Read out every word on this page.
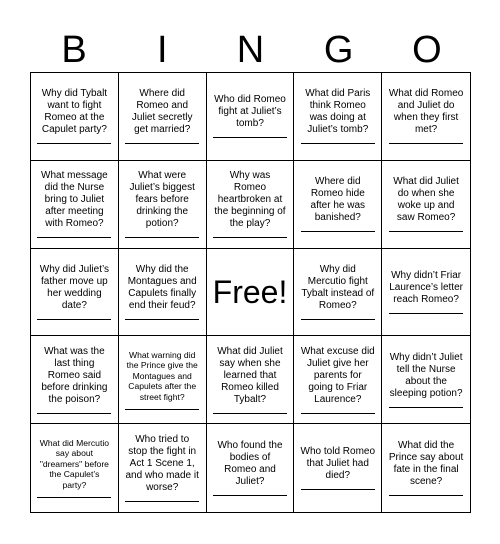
B	I	N	G	O
Why did Tybalt want to fight Romeo at the Capulet party?
Where did Romeo and Juliet secretly get married?
Who did Romeo fight at Juliet’s tomb?
What did Paris think Romeo was doing at Juliet’s tomb?
What did Romeo and Juliet do when they first met?
What message did the Nurse bring to Juliet after meeting with Romeo?
What were Juliet’s biggest fears before drinking the potion?
Why was Romeo heartbroken at the beginning of the play?
Where did Romeo hide after he was banished?
What did Juliet do when she woke up and saw Romeo?
Why did Juliet’s father move up her wedding date?
Why did the Montagues and Capulets finally end their feud? Free!
Why did Mercutio fight Tybalt instead of Romeo?
Why didn’t Friar Laurence’s letter reach Romeo?
What was the last thing Romeo said before drinking the poison?
What warning did the Prince give the Montagues and Capulets after the street fight?
What did Juliet say when she learned that Romeo killed Tybalt?
What excuse did Juliet give her parents for going to Friar Laurence?
Why didn’t Juliet tell the Nurse about the sleeping potion?
What did Mercutio say about "dreamers" before the Capulet’s party?
Who tried to stop the fight in Act 1 Scene 1, and who made it worse?
Who found the bodies of Romeo and Juliet?
Who told Romeo that Juliet had died?
What did the Prince say about fate in the final scene?
